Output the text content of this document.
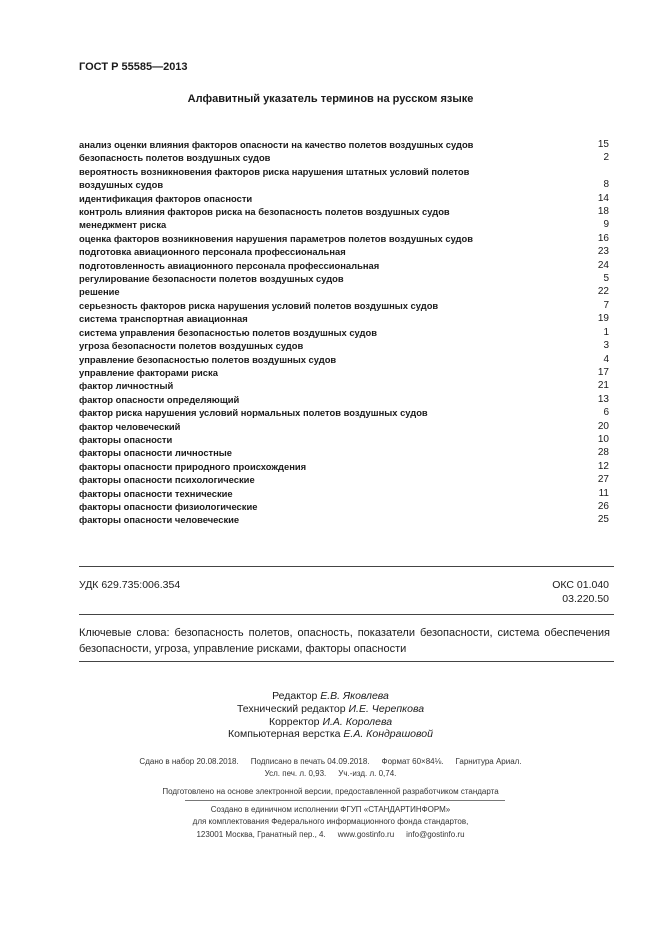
ГОСТ Р 55585—2013
Алфавитный указатель терминов на русском языке
анализ оценки влияния факторов опасности на качество полетов воздушных судов	15
безопасность полетов воздушных судов	2
вероятность возникновения факторов риска нарушения штатных условий полетов воздушных судов	8
идентификация факторов опасности	14
контроль влияния факторов риска на безопасность полетов воздушных судов	18
менеджмент риска	9
оценка факторов возникновения нарушения параметров полетов воздушных судов	16
подготовка авиационного персонала профессиональная	23
подготовленность авиационного персонала профессиональная	24
регулирование безопасности полетов воздушных судов	5
решение	22
серьезность факторов риска нарушения условий полетов воздушных судов	7
система транспортная авиационная	19
система управления безопасностью полетов воздушных судов	1
угроза безопасности полетов воздушных судов	3
управление безопасностью полетов воздушных судов	4
управление факторами риска	17
фактор личностный	21
фактор опасности определяющий	13
фактор риска нарушения условий нормальных полетов воздушных судов	6
фактор человеческий	20
факторы опасности	10
факторы опасности личностные	28
факторы опасности природного происхождения	12
факторы опасности психологические	27
факторы опасности технические	11
факторы опасности физиологические	26
факторы опасности человеческие	25
УДК 629.735:006.354	ОКС 01.040
03.220.50
Ключевые слова: безопасность полетов, опасность, показатели безопасности, система обеспечения безопасности, угроза, управление рисками, факторы опасности
Редактор Е.В. Яковлева
Технический редактор И.Е. Черепкова
Корректор И.А. Королева
Компьютерная верстка Е.А. Кондрашовой
Сдано в набор 20.08.2018. Подписано в печать 04.09.2018. Формат 60×84⅛. Гарнитура Ариал.
Усл. печ. л. 0,93. Уч.-изд. л. 0,74.
Подготовлено на основе электронной версии, предоставленной разработчиком стандарта
Создано в единичном исполнении ФГУП «СТАНДАРТИНФОРМ»
для комплектования Федерального информационного фонда стандартов,
123001 Москва, Гранатный пер., 4. www.gostinfo.ru info@gostinfo.ru
